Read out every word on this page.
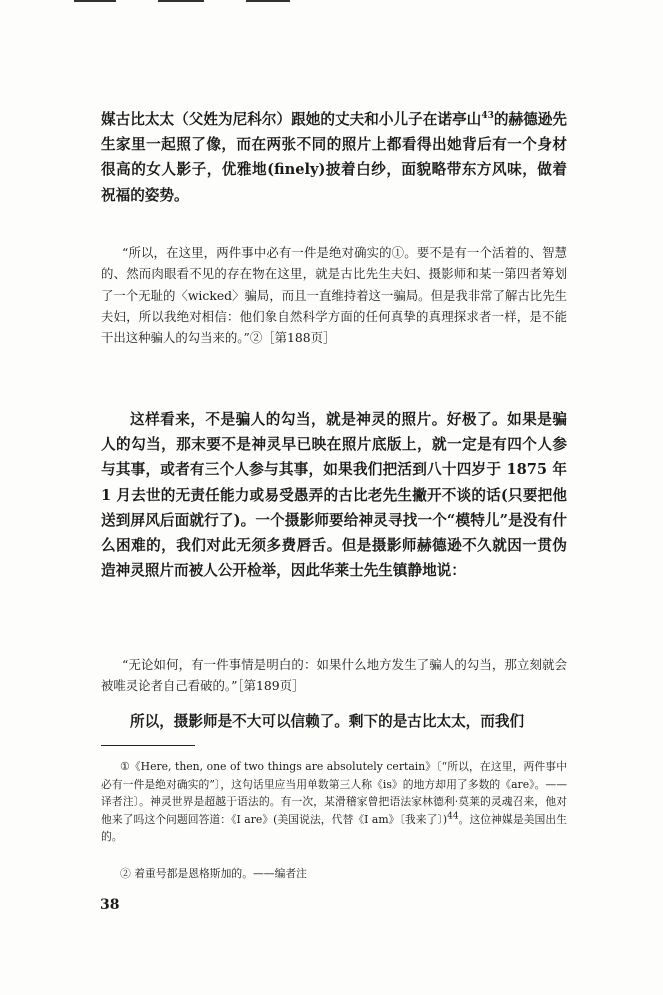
媒古比太太（父姓为尼科尔）跟她的丈夫和小儿子在诺亭山$^{43}$的赫德逊先生家里一起照了像，而在两张不同的照片上都看得出她背后有一个身材很高的女人影子，优雅地(finely)披着白纱，面貌略带东方风味，做着祝福的姿势。

“所以，在这里，两件事中必有一件是绝对确实的①。要不是有一个活着的、智慧的、然而肉眼看不见的存在物在这里，就是古比先生夫妇、摄影师和某一第四者筹划了一个无耻的〈wicked〉骗局，而且一直维持着这一骗局。但是我非常了解古比先生夫妇，所以我绝对相信：他们象自然科学方面的任何真挚的真理探求者一样，是不能干出这种骗人的勾当来的。”②［第188页］

这样看来，不是骗人的勾当，就是神灵的照片。好极了。如果是骗人的勾当，那末要不是神灵早已映在照片底版上，就一定是有四个人参与其事，或者有三个人参与其事，如果我们把活到八十四岁于 1875 年 1 月去世的无责任能力或易受愚弄的古比老先生撇开不谈的话(只要把他送到屏风后面就行了)。一个摄影师要给神灵寻找一个“模特儿”是没有什么困难的，我们对此无须多费唇舌。但是摄影师赫德逊不久就因一贯伪造神灵照片而被人公开检举，因此华莱士先生镇静地说：

“无论如何，有一件事情是明白的：如果什么地方发生了骗人的勾当，那立刻就会被唯灵论者自己看破的。”［第189页］

所以，摄影师是不大可以信赖了。剩下的是古比太太，而我们

①《Here, then, one of two things are absolutely certain》〔“所以，在这里，两件事中必有一件是绝对确实的”〕，这句话里应当用单数第三人称《is》的地方却用了多数的《are》。——译者注〕。神灵世界是超越于语法的。有一次，某滑稽家曾把语法家林德利·莫莱的灵魂召来，他对他来了吗这个问题回答道：《I are》(美国说法，代替《I am》〔我来了〕)$^{44}$。这位神媒是美国出生的。

② 着重号都是恩格斯加的。——编者注

38
